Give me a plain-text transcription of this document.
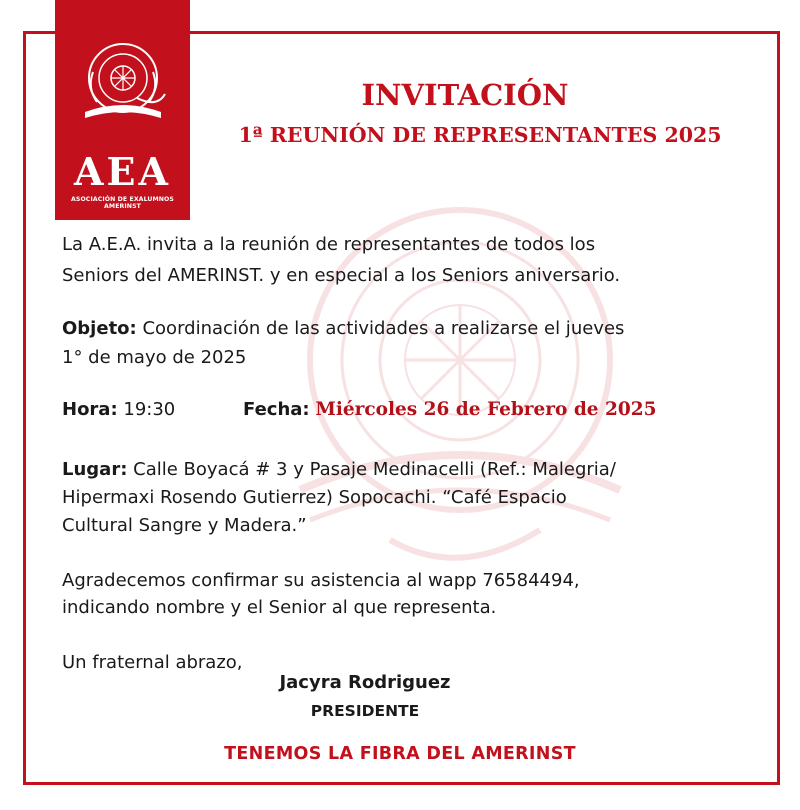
AEA
ASOCIACIÓN DE EXALUMNOS AMERINST
INVITACIÓN
1ª REUNIÓN DE REPRESENTANTES 2025
La A.E.A. invita a la reunión de representantes de todos los
Seniors del AMERINST. y en especial a los Seniors aniversario.
Objeto: Coordinación de las actividades a realizarse el jueves
1° de mayo de 2025
Hora: 19:30	Fecha: Miércoles 26 de Febrero de 2025
Lugar: Calle Boyacá # 3 y Pasaje Medinacelli (Ref.: Malegria/
Hipermaxi Rosendo Gutierrez) Sopocachi. “Café Espacio
Cultural Sangre y Madera.”
Agradecemos confirmar su asistencia al wapp 76584494,
indicando nombre y el Senior al que representa.
Un fraternal abrazo,
Jacyra Rodriguez
PRESIDENTE
TENEMOS LA FIBRA DEL AMERINST
